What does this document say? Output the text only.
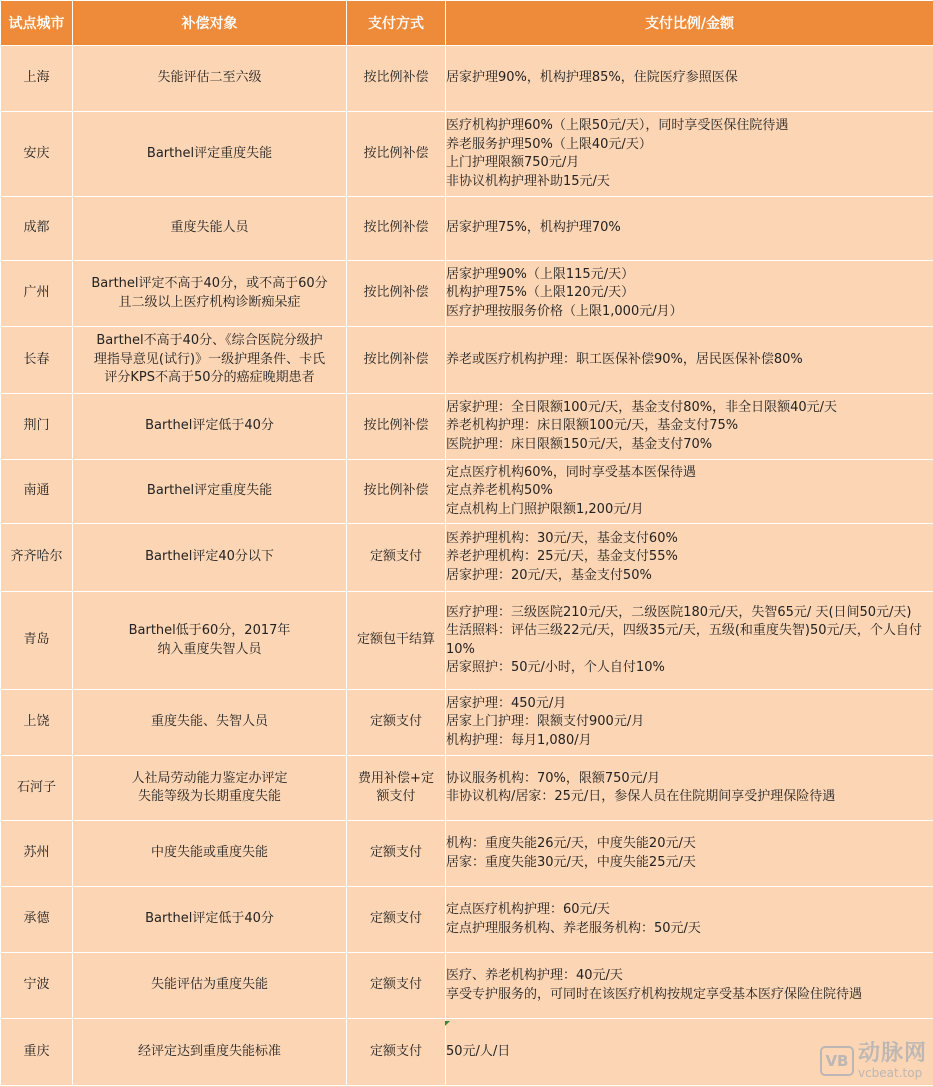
试点城市	补偿对象	支付方式	支付比例/金额
上海	失能评估二至六级	按比例补偿	居家护理90%，机构护理85%，住院医疗参照医保

安庆	Barthel评定重度失能	按比例补偿	医疗机构护理60%（上限50元/天），同时享受医保住院待遇
养老服务护理50%（上限40元/天）
上门护理限额750元/月
非协议机构护理补助15元/天

成都	重度失能人员	按比例补偿	居家护理75%，机构护理70%

广州	Barthel评定不高于40分，或不高于60分
且二级以上医疗机构诊断痴呆症	按比例补偿	居家护理90%（上限115元/天）
机构护理75%（上限120元/天）
医疗护理按服务价格（上限1,000元/月）

长春	Barthel不高于40分、《综合医院分级护
理指导意见(试行)》一级护理条件、卡氏
评分KPS不高于50分的癌症晚期患者	按比例补偿	养老或医疗机构护理：职工医保补偿90%，居民医保补偿80%

荆门	Barthel评定低于40分	按比例补偿	居家护理：全日限额100元/天，基金支付80%，非全日限额40元/天
养老机构护理：床日限额100元/天，基金支付75%
医院护理：床日限额150元/天，基金支付70%

南通	Barthel评定重度失能	按比例补偿	定点医疗机构60%，同时享受基本医保待遇
定点养老机构50%
定点机构上门照护限额1,200元/月

齐齐哈尔	Barthel评定40分以下	定额支付	医养护理机构：30元/天，基金支付60%
养老护理机构：25元/天，基金支付55%
居家护理：20元/天，基金支付50%

青岛	Barthel低于60分，2017年
纳入重度失智人员	定额包干结算	医疗护理：三级医院210元/天，二级医院180元/天，失智65元/ 天(日间50元/天)
生活照料：评估三级22元/天，四级35元/天，五级(和重度失智)50元/天，个人自付10%
居家照护：50元/小时，个人自付10%

上饶	重度失能、失智人员	定额支付	居家护理：450元/月
居家上门护理：限额支付900元/月
机构护理：每月1,080/月

石河子	人社局劳动能力鉴定办评定
失能等级为长期重度失能	费用补偿+定
额支付	协议服务机构：70%，限额750元/月
非协议机构/居家：25元/日，参保人员在住院期间享受护理保险待遇

苏州	中度失能或重度失能	定额支付	机构：重度失能26元/天，中度失能20元/天
居家：重度失能30元/天，中度失能25元/天

承德	Barthel评定低于40分	定额支付	定点医疗机构护理：60元/天
定点护理服务机构、养老服务机构：50元/天

宁波	失能评估为重度失能	定额支付	医疗、养老机构护理：40元/天
享受专护服务的，可同时在该医疗机构按规定享受基本医疗保险住院待遇

重庆	经评定达到重度失能标准	定额支付	50元/人/日
VB 动脉网
vcbeat.top
